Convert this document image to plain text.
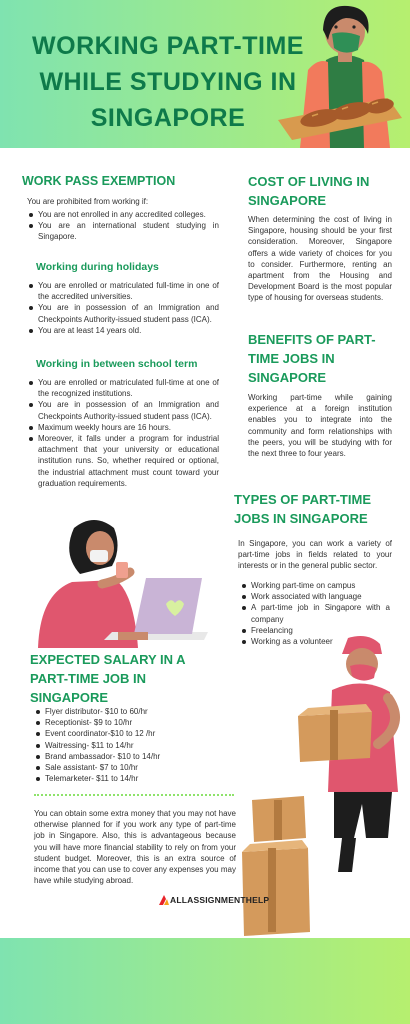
WORKING PART-TIME WHILE STUDYING IN SINGAPORE
WORK PASS EXEMPTION
You are prohibited from working if:
You are not enrolled in any accredited colleges.
You are an international student studying in Singapore.
Working during holidays
You are enrolled or matriculated full-time in one of the accredited universities.
You are in possession of an Immigration and Checkpoints Authority-issued student pass (ICA).
You are at least 14 years old.
Working in between school term
You are enrolled or matriculated full-time at one of the recognized institutions.
You are in possession of an Immigration and Checkpoints Authority-issued student pass (ICA).
Maximum weekly hours are 16 hours.
Moreover, it falls under a program for industrial attachment that your university or educational institution runs. So, whether required or optional, the industrial attachment must count toward your graduation requirements.
COST OF LIVING IN SINGAPORE
When determining the cost of living in Singapore, housing should be your first consideration. Moreover, Singapore offers a wide variety of choices for you to consider. Furthermore, renting an apartment from the Housing and Development Board is the most popular type of housing for overseas students.
BENEFITS OF PART-TIME JOBS IN SINGAPORE
Working part-time while gaining experience at a foreign institution enables you to integrate into the community and form relationships with the peers, you will be studying with for the next three to four years.
TYPES OF PART-TIME JOBS IN SINGAPORE
In Singapore, you can work a variety of part-time jobs in fields related to your interests or in the general public sector.
Working part-time on campus
Work associated with language
A part-time job in Singapore with a company
Freelancing
Working as a volunteer
EXPECTED SALARY IN A PART-TIME JOB IN SINGAPORE
Flyer distributor- $10 to 60/hr
Receptionist- $9 to 10/hr
Event coordinator-$10 to 12 /hr
Waitressing- $11 to 14/hr
Brand ambassador- $10 to 14/hr
Sale assistant- $7 to 10/hr
Telemarketer- $11 to 14/hr
You can obtain some extra money that you may not have otherwise planned for if you work any type of part-time job in Singapore. Also, this is advantageous because you will have more financial stability to rely on from your student budget. Moreover, this is an extra source of income that you can use to cover any expenses you may have while studying abroad.
ALLASSIGNMENTHELP
